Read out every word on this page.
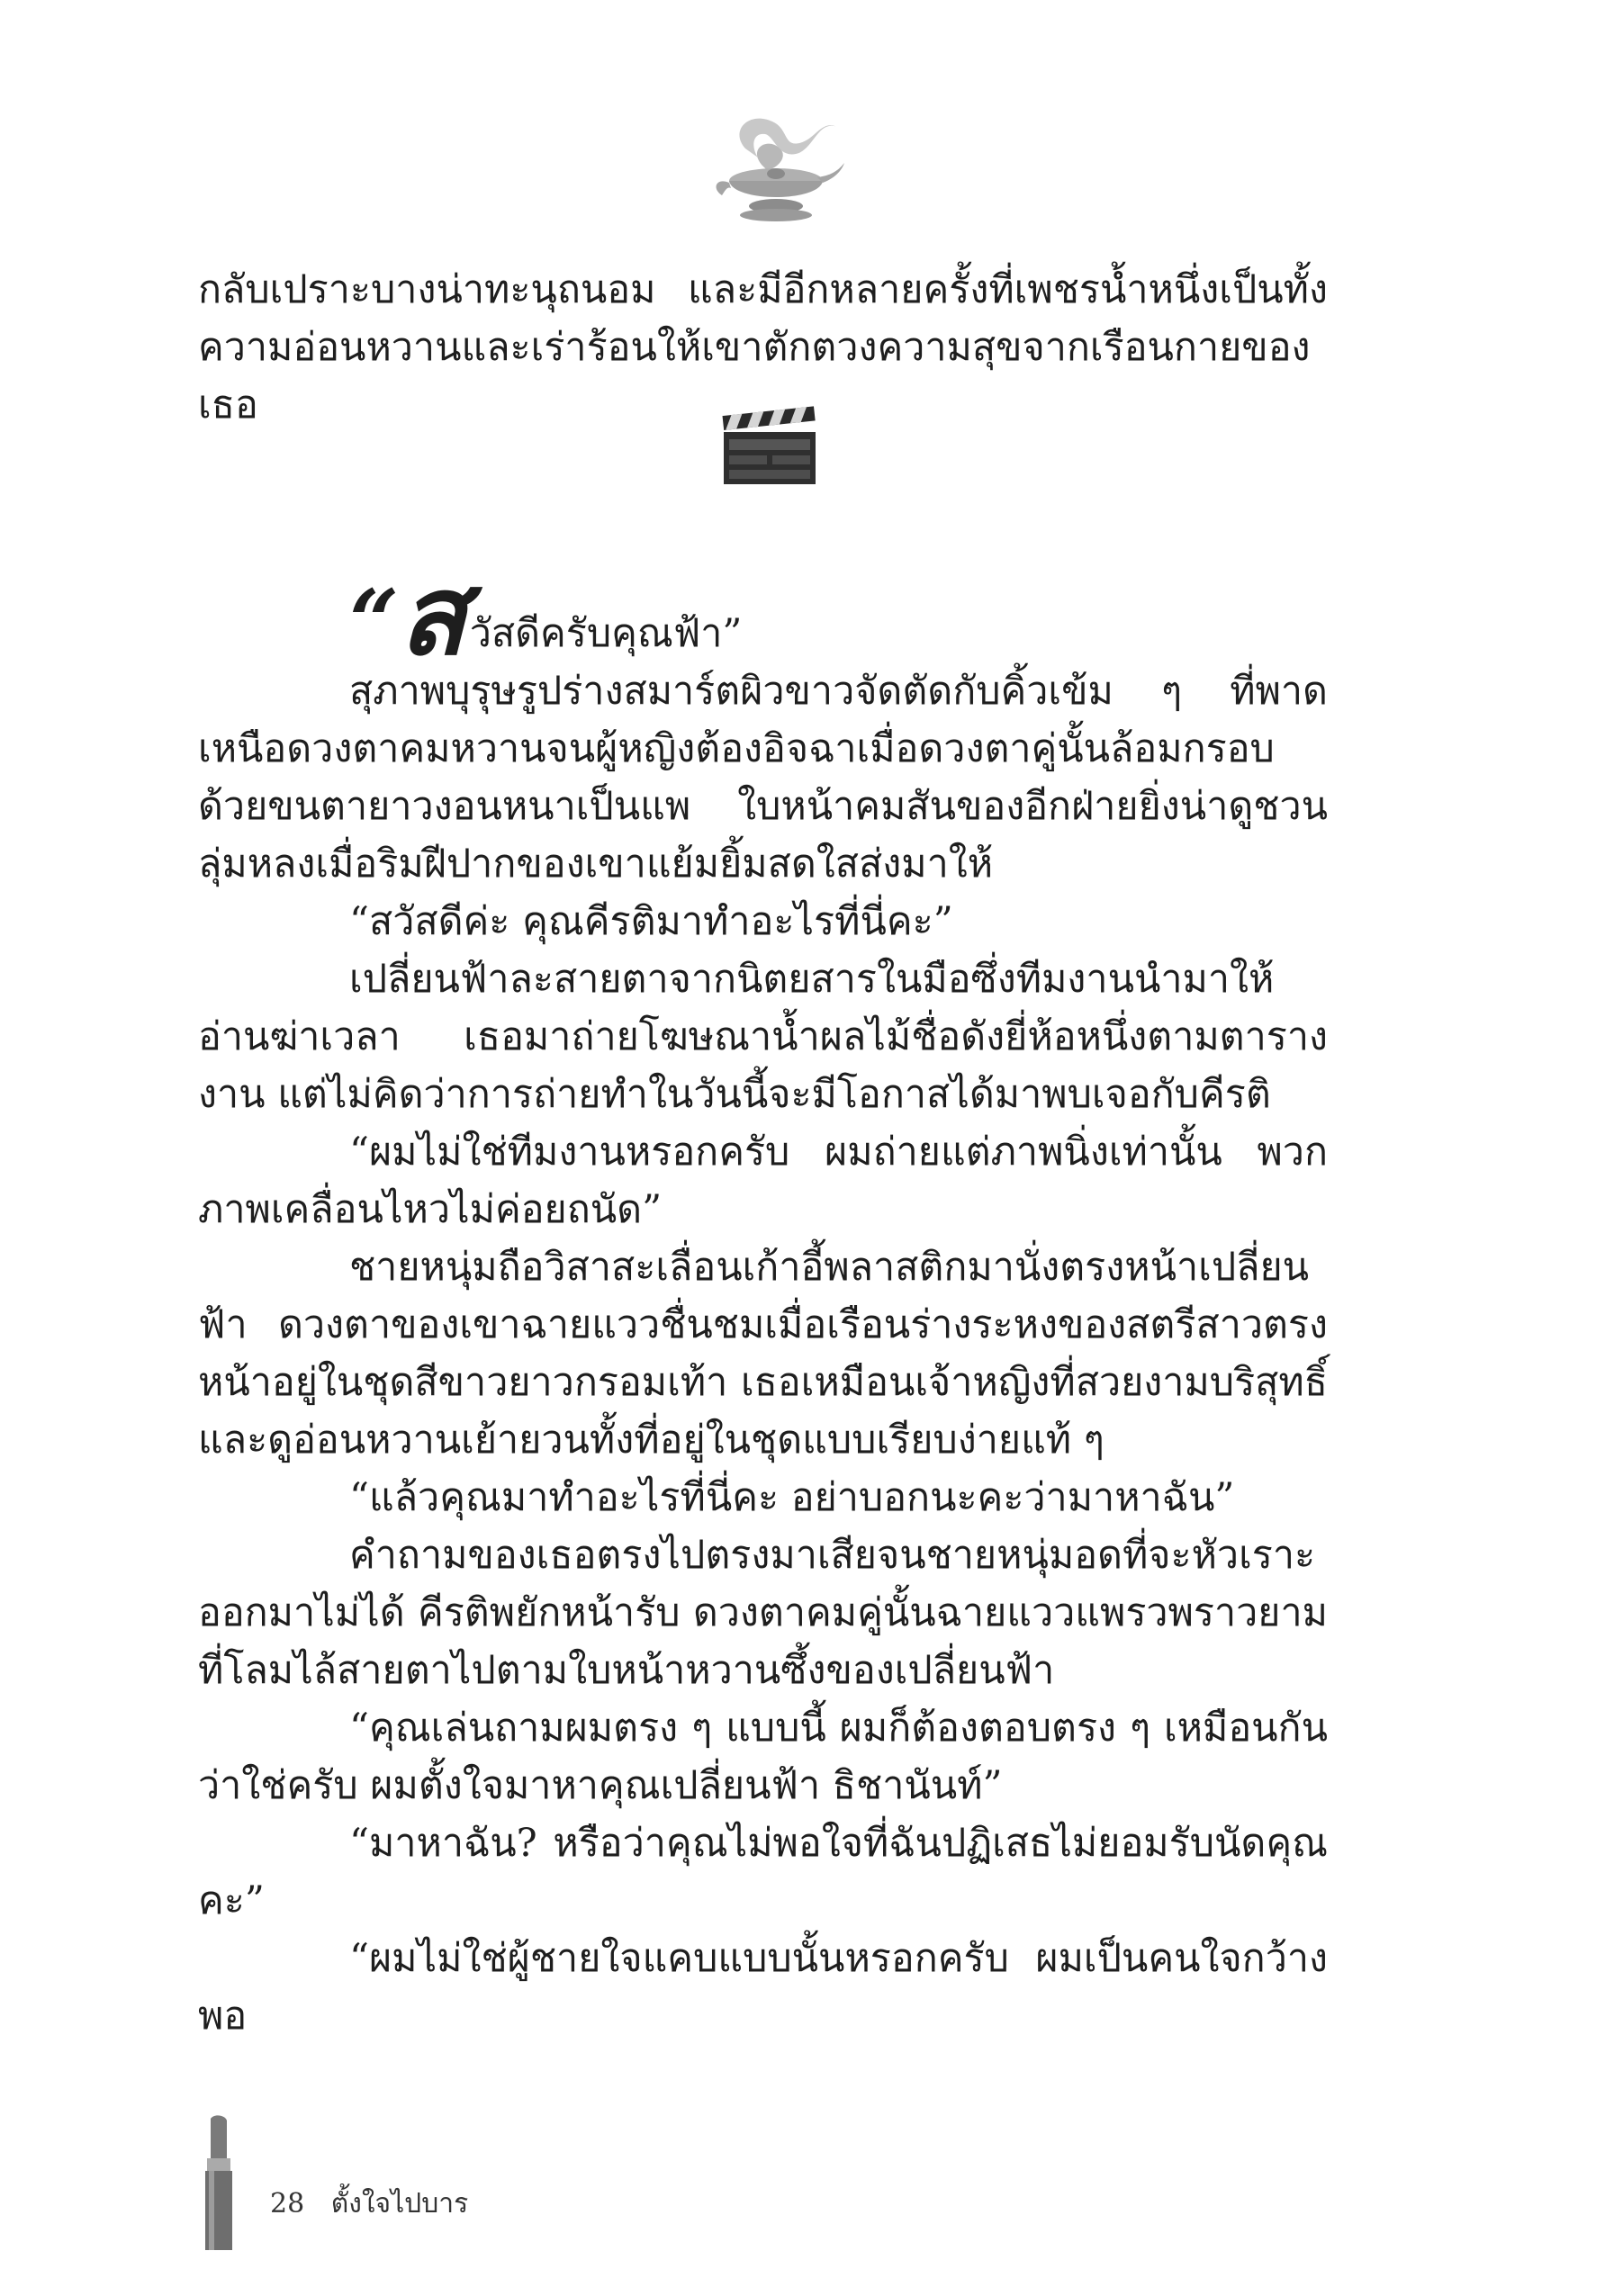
กลับเปราะบางน่าทะนุถนอม และมีอีกหลายครั้งที่เพชรน้ำหนึ่งเป็นทั้งความอ่อนหวานและเร่าร้อนให้เขาตักตวงความสุขจากเรือนกายของเธอ

“สวัสดีครับคุณฟ้า”

สุภาพบุรุษรูปร่างสมาร์ตผิวขาวจัดตัดกับคิ้วเข้ม ๆ ที่พาดเหนือดวงตาคมหวานจนผู้หญิงต้องอิจฉาเมื่อดวงตาคู่นั้นล้อมกรอบด้วยขนตายาวงอนหนาเป็นแพ ใบหน้าคมสันของอีกฝ่ายยิ่งน่าดูชวนลุ่มหลงเมื่อริมฝีปากของเขาแย้มยิ้มสดใสส่งมาให้

“สวัสดีค่ะ คุณคีรติมาทำอะไรที่นี่คะ”

เปลี่ยนฟ้าละสายตาจากนิตยสารในมือซึ่งทีมงานนำมาให้อ่านฆ่าเวลา เธอมาถ่ายโฆษณาน้ำผลไม้ชื่อดังยี่ห้อหนึ่งตามตารางงาน แต่ไม่คิดว่าการถ่ายทำในวันนี้จะมีโอกาสได้มาพบเจอกับคีรติ

“ผมไม่ใช่ทีมงานหรอกครับ ผมถ่ายแต่ภาพนิ่งเท่านั้น พวกภาพเคลื่อนไหวไม่ค่อยถนัด”

ชายหนุ่มถือวิสาสะเลื่อนเก้าอี้พลาสติกมานั่งตรงหน้าเปลี่ยนฟ้า ดวงตาของเขาฉายแววชื่นชมเมื่อเรือนร่างระหงของสตรีสาวตรงหน้าอยู่ในชุดสีขาวยาวกรอมเท้า เธอเหมือนเจ้าหญิงที่สวยงามบริสุทธิ์ และดูอ่อนหวานเย้ายวนทั้งที่อยู่ในชุดแบบเรียบง่ายแท้ ๆ

“แล้วคุณมาทำอะไรที่นี่คะ อย่าบอกนะคะว่ามาหาฉัน”

คำถามของเธอตรงไปตรงมาเสียจนชายหนุ่มอดที่จะหัวเราะออกมาไม่ได้ คีรติพยักหน้ารับ ดวงตาคมคู่นั้นฉายแววแพรวพราวยามที่โลมไล้สายตาไปตามใบหน้าหวานซึ้งของเปลี่ยนฟ้า

“คุณเล่นถามผมตรง ๆ แบบนี้ ผมก็ต้องตอบตรง ๆ เหมือนกันว่าใช่ครับ ผมตั้งใจมาหาคุณเปลี่ยนฟ้า ธิชานันท์”

“มาหาฉัน? หรือว่าคุณไม่พอใจที่ฉันปฏิเสธไม่ยอมรับนัดคุณคะ”

“ผมไม่ใช่ผู้ชายใจแคบแบบนั้นหรอกครับ ผมเป็นคนใจกว้างพอ

28 ตั้งใจไปบาร
